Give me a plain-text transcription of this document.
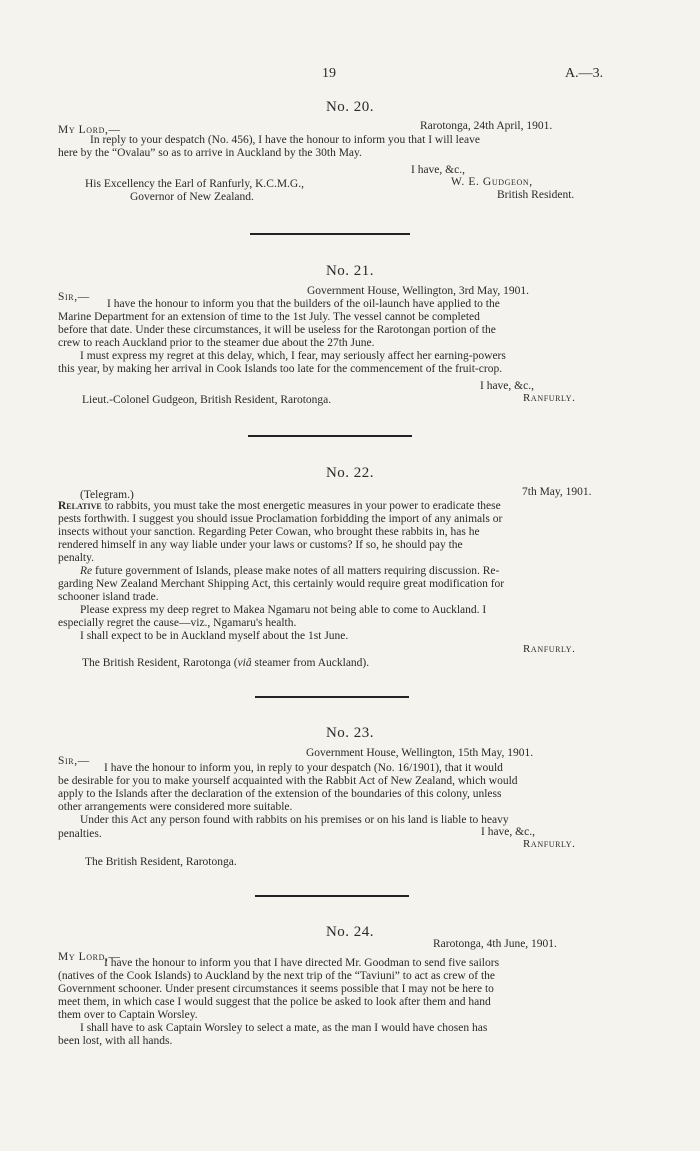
19	A.—3.
No. 20.
My Lord,—	Rarotonga, 24th April, 1901.
In reply to your despatch (No. 456), I have the honour to inform you that I will leave
here by the “Ovalau” so as to arrive in Auckland by the 30th May.
I have, &c.,
His Excellency the Earl of Ranfurly, K.C.M.G.,
Governor of New Zealand.
W. E. Gudgeon,
British Resident.
No. 21.
Sir,—	Government House, Wellington, 3rd May, 1901.
I have the honour to inform you that the builders of the oil-launch have applied to the
Marine Department for an extension of time to the 1st July. The vessel cannot be completed
before that date. Under these circumstances, it will be useless for the Rarotongan portion of the
crew to reach Auckland prior to the steamer due about the 27th June.
I must express my regret at this delay, which, I fear, may seriously affect her earning-powers
this year, by making her arrival in Cook Islands too late for the commencement of the fruit-crop.
I have, &c.,
Lieut.-Colonel Gudgeon, British Resident, Rarotonga.	Ranfurly.
No. 22.
(Telegram.)	7th May, 1901.
Relative to rabbits, you must take the most energetic measures in your power to eradicate these
pests forthwith. I suggest you should issue Proclamation forbidding the import of any animals or
insects without your sanction. Regarding Peter Cowan, who brought these rabbits in, has he
rendered himself in any way liable under your laws or customs? If so, he should pay the
penalty.
Re future government of Islands, please make notes of all matters requiring discussion. Re-
garding New Zealand Merchant Shipping Act, this certainly would require great modification for
schooner island trade.
Please express my deep regret to Makea Ngamaru not being able to come to Auckland. I
especially regret the cause—viz., Ngamaru's health.
I shall expect to be in Auckland myself about the 1st June.
Ranfurly.
The British Resident, Rarotonga (viâ steamer from Auckland).
No. 23.
Sir,—
Government House, Wellington, 15th May, 1901.
I have the honour to inform you, in reply to your despatch (No. 16/1901), that it would
be desirable for you to make yourself acquainted with the Rabbit Act of New Zealand, which would
apply to the Islands after the declaration of the extension of the boundaries of this colony, unless
other arrangements were considered more suitable.
Under this Act any person found with rabbits on his premises or on his land is liable to heavy
penalties.	I have, &c.,
Ranfurly.
The British Resident, Rarotonga.
No. 24.
My Lord,—
Rarotonga, 4th June, 1901.
I have the honour to inform you that I have directed Mr. Goodman to send five sailors
(natives of the Cook Islands) to Auckland by the next trip of the “Taviuni” to act as crew of the
Government schooner. Under present circumstances it seems possible that I may not be here to
meet them, in which case I would suggest that the police be asked to look after them and hand
them over to Captain Worsley.
I shall have to ask Captain Worsley to select a mate, as the man I would have chosen has
been lost, with all hands.
